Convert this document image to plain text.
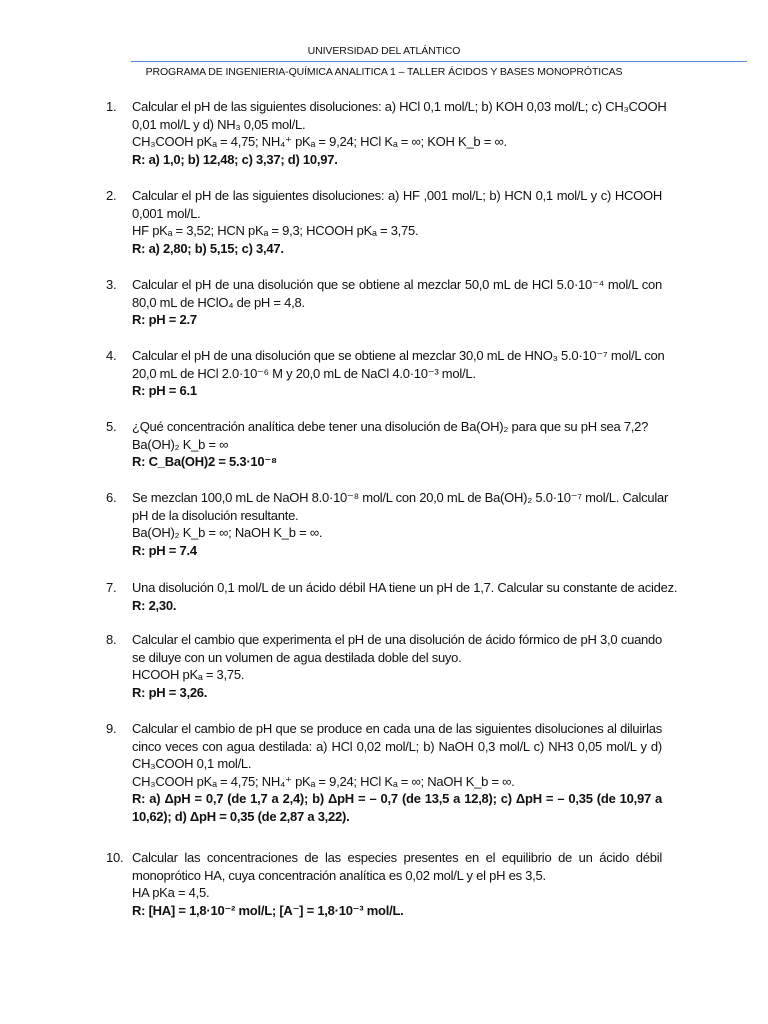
UNIVERSIDAD DEL ATLÁNTICO
PROGRAMA DE INGENIERIA-QUÍMICA ANALITICA 1 – TALLER ÁCIDOS Y BASES MONOPRÓTICAS
1. Calcular el pH de las siguientes disoluciones: a) HCl 0,1 mol/L; b) KOH 0,03 mol/L; c) CH₃COOH
0,01 mol/L y d) NH₃ 0,05 mol/L.
CH₃COOH pKₐ = 4,75; NH₄⁺ pKₐ = 9,24; HCl Kₐ = ∞; KOH K_b = ∞.
R: a) 1,0; b) 12,48; c) 3,37; d) 10,97.
2. Calcular el pH de las siguientes disoluciones: a) HF ,001 mol/L; b) HCN 0,1 mol/L y c) HCOOH
0,001 mol/L.
HF pKₐ = 3,52; HCN pKₐ = 9,3; HCOOH pKₐ = 3,75.
R: a) 2,80; b) 5,15; c) 3,47.
3. Calcular el pH de una disolución que se obtiene al mezclar 50,0 mL de HCl 5.0·10⁻⁴ mol/L con
80,0 mL de HClO₄ de pH = 4,8.
R: pH = 2.7
4. Calcular el pH de una disolución que se obtiene al mezclar 30,0 mL de HNO₃ 5.0·10⁻⁷ mol/L con
20,0 mL de HCl 2.0·10⁻⁶ M y 20,0 mL de NaCl 4.0·10⁻³ mol/L.
R: pH = 6.1
5. ¿Qué concentración analítica debe tener una disolución de Ba(OH)₂ para que su pH sea 7,2?
Ba(OH)₂ K_b = ∞
R: C_Ba(OH)2 = 5.3·10⁻⁸
6. Se mezclan 100,0 mL de NaOH 8.0·10⁻⁸ mol/L con 20,0 mL de Ba(OH)₂ 5.0·10⁻⁷ mol/L. Calcular
pH de la disolución resultante.
Ba(OH)₂ K_b = ∞; NaOH K_b = ∞.
R: pH = 7.4
7. Una disolución 0,1 mol/L de un ácido débil HA tiene un pH de 1,7. Calcular su constante de acidez.
R: 2,30.
8. Calcular el cambio que experimenta el pH de una disolución de ácido fórmico de pH 3,0 cuando
se diluye con un volumen de agua destilada doble del suyo.
HCOOH pKₐ = 3,75.
R: pH = 3,26.
9. Calcular el cambio de pH que se produce en cada una de las siguientes disoluciones al diluirlas
cinco veces con agua destilada: a) HCl 0,02 mol/L; b) NaOH 0,3 mol/L c) NH3 0,05 mol/L y d)
CH₃COOH 0,1 mol/L.
CH₃COOH pKₐ = 4,75; NH₄⁺ pKₐ = 9,24; HCl Kₐ = ∞; NaOH K_b = ∞.
R: a) ΔpH = 0,7 (de 1,7 a 2,4); b) ΔpH = – 0,7 (de 13,5 a 12,8); c) ΔpH = – 0,35 (de 10,97 a
10,62); d) ΔpH = 0,35 (de 2,87 a 3,22).
10. Calcular las concentraciones de las especies presentes en el equilibrio de un ácido débil
monoprótico HA, cuya concentración analítica es 0,02 mol/L y el pH es 3,5.
HA pKa = 4,5.
R: [HA] = 1,8·10⁻² mol/L; [A⁻] = 1,8·10⁻³ mol/L.
